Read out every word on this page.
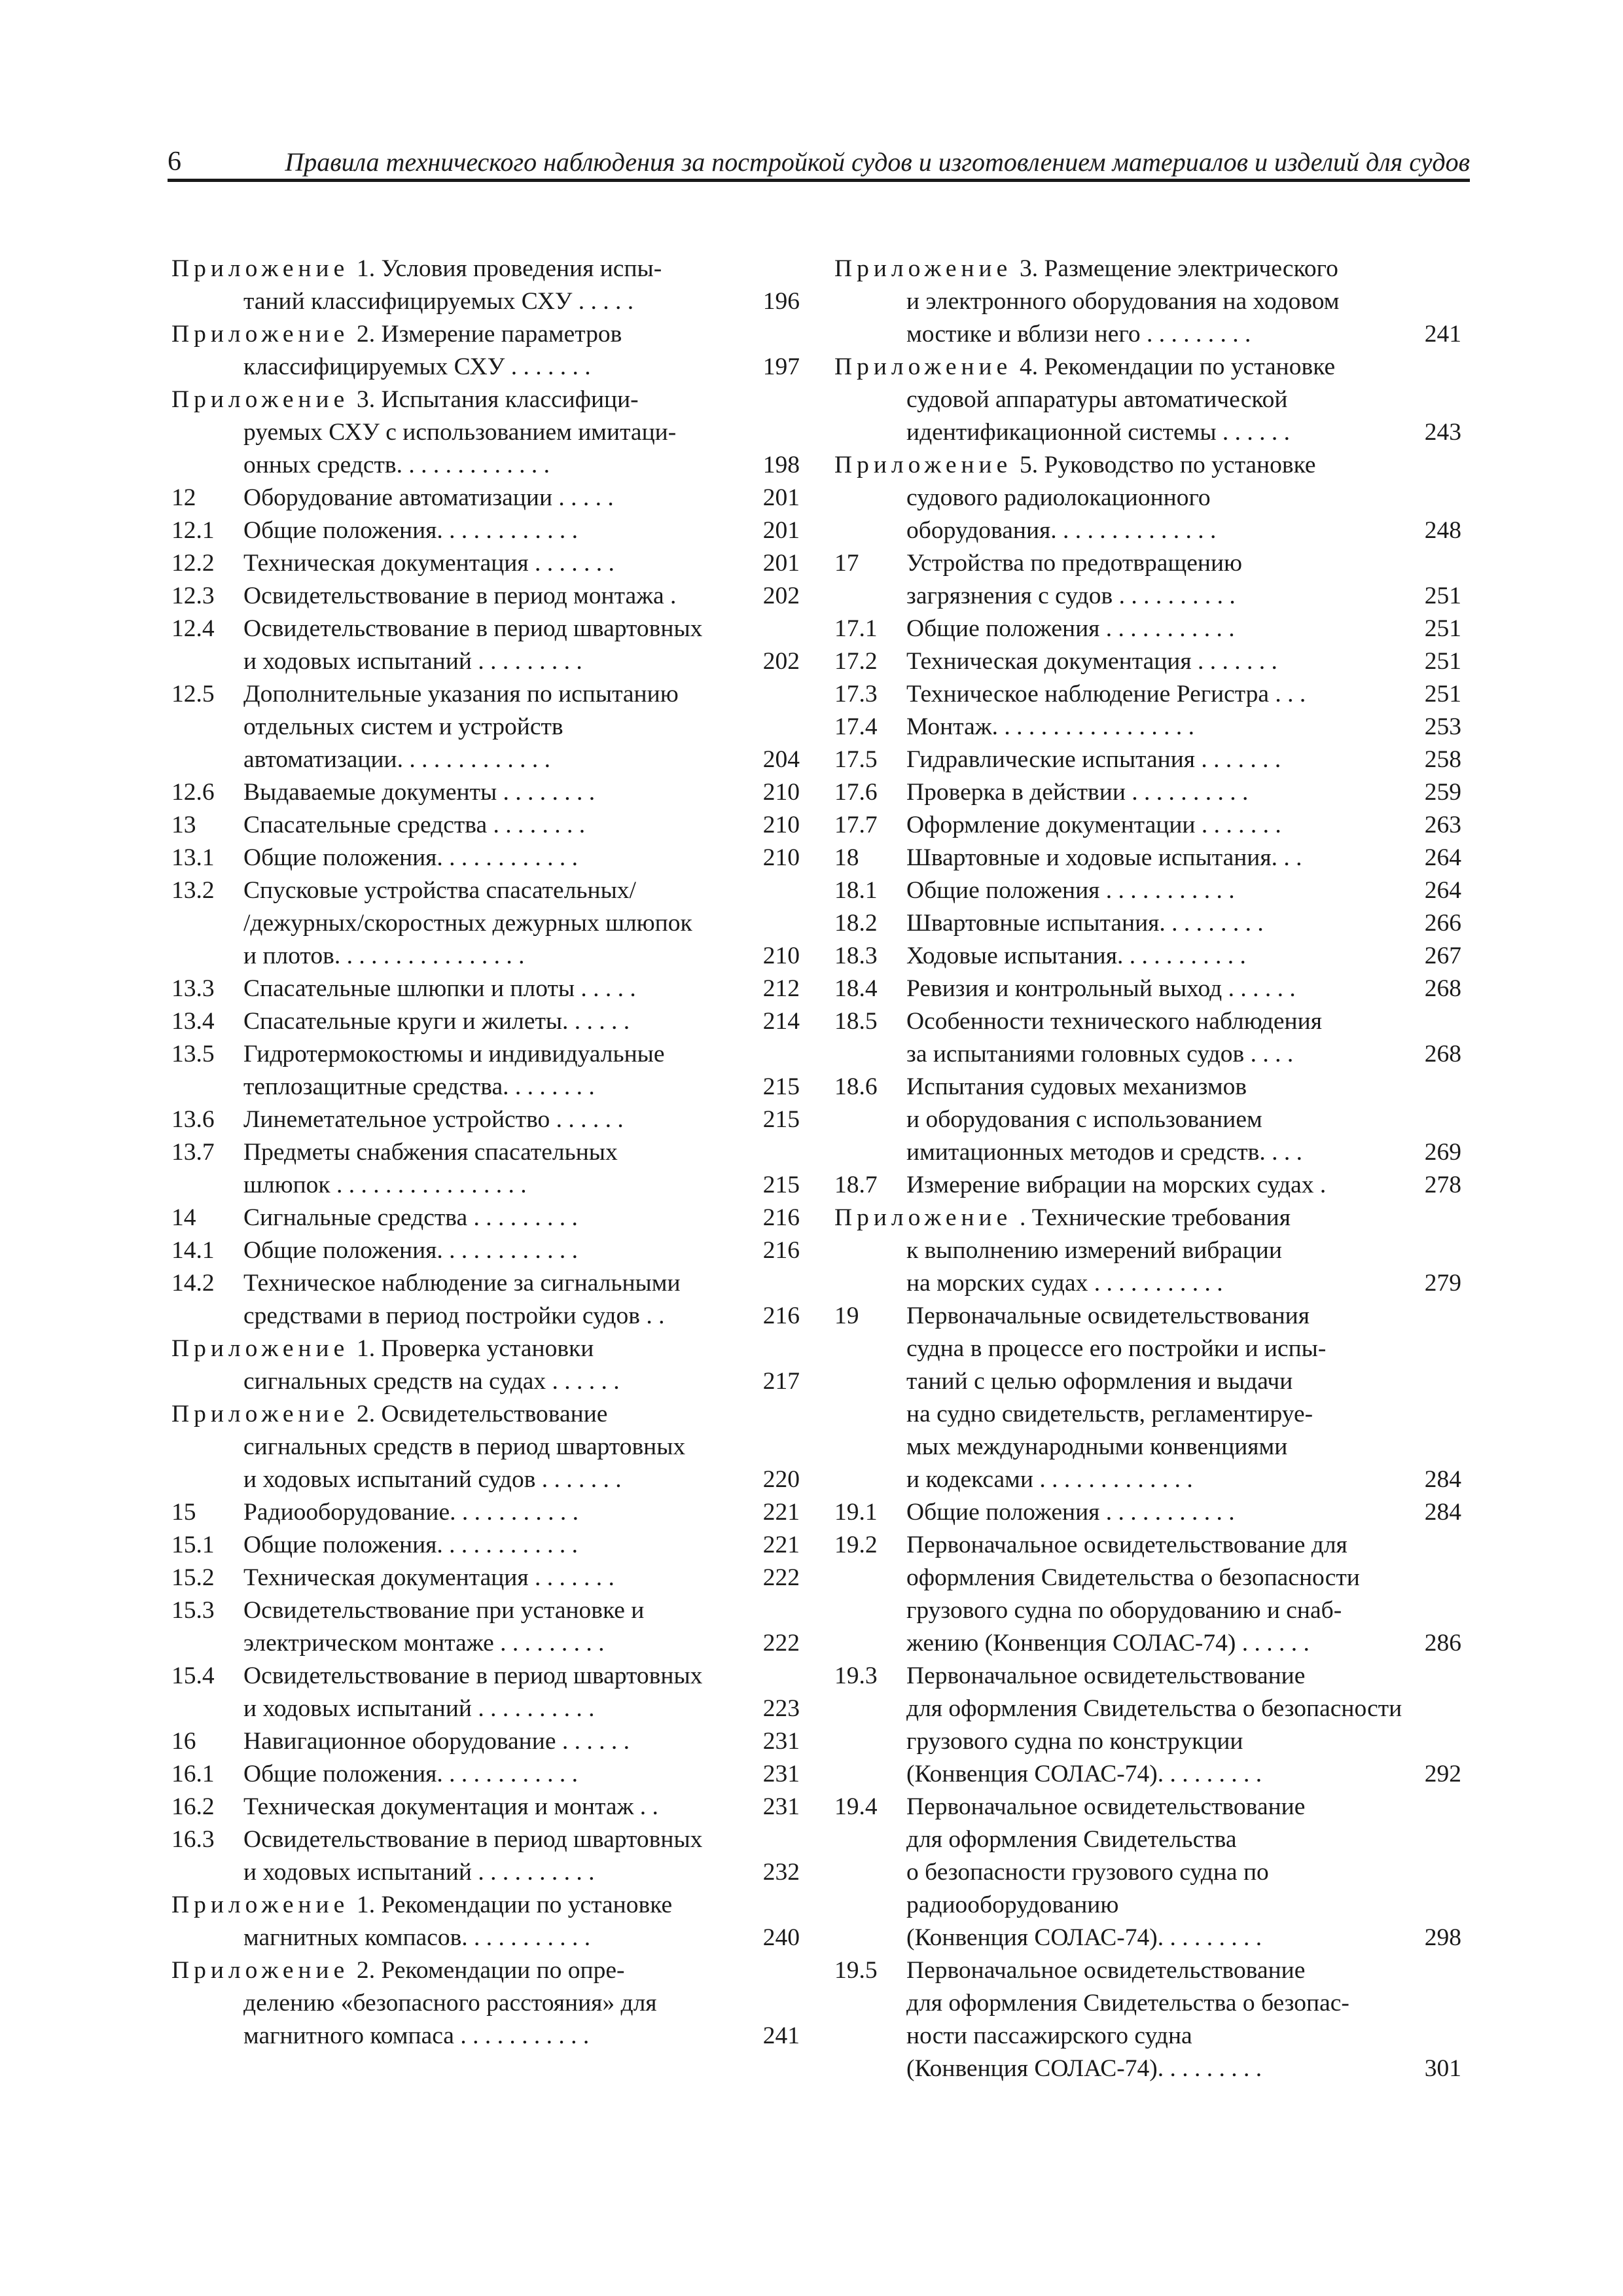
6	Правила технического наблюдения за постройкой судов и изготовлением материалов и изделий для судов
Приложение 1. Условия проведения испы-
таний классифицируемых СХУ . . . . .	196
Приложение 2. Измерение параметров
классифицируемых СХУ . . . . . . .	197
Приложение 3. Испытания классифици-
руемых СХУ с использованием имитаци-
онных средств. . . . . . . . . . . . .	198
12 Оборудование автоматизации . . . . .	201
12.1 Общие положения. . . . . . . . . . . .	201
12.2 Техническая документация . . . . . . .	201
12.3 Освидетельствование в период монтажа .	202
12.4 Освидетельствование в период швартовных
и ходовых испытаний . . . . . . . . .	202
12.5 Дополнительные указания по испытанию
отдельных систем и устройств
автоматизации. . . . . . . . . . . . .	204
12.6 Выдаваемые документы . . . . . . . .	210
13 Спасательные средства . . . . . . . .	210
13.1 Общие положения. . . . . . . . . . . .	210
13.2 Спусковые устройства спасательных/
/дежурных/скоростных дежурных шлюпок
и плотов. . . . . . . . . . . . . . . .	210
13.3 Спасательные шлюпки и плоты . . . . .	212
13.4 Спасательные круги и жилеты. . . . . .	214
13.5 Гидротермокостюмы и индивидуальные
теплозащитные средства. . . . . . . .	215
13.6 Линеметательное устройство . . . . . .	215
13.7 Предметы снабжения спасательных
шлюпок . . . . . . . . . . . . . . . .	215
14 Сигнальные средства . . . . . . . . .	216
14.1 Общие положения. . . . . . . . . . . .	216
14.2 Техническое наблюдение за сигнальными
средствами в период постройки судов . .	216
Приложение 1. Проверка установки
сигнальных средств на судах . . . . . .	217
Приложение 2. Освидетельствование
сигнальных средств в период швартовных
и ходовых испытаний судов . . . . . . .	220
15 Радиооборудование. . . . . . . . . . .	221
15.1 Общие положения. . . . . . . . . . . .	221
15.2 Техническая документация . . . . . . .	222
15.3 Освидетельствование при установке и
электрическом монтаже . . . . . . . . .	222
15.4 Освидетельствование в период швартовных
и ходовых испытаний . . . . . . . . . .	223
16 Навигационное оборудование . . . . . .	231
16.1 Общие положения. . . . . . . . . . . .	231
16.2 Техническая документация и монтаж . .	231
16.3 Освидетельствование в период швартовных
и ходовых испытаний . . . . . . . . . .	232
Приложение 1. Рекомендации по установке
магнитных компасов. . . . . . . . . . .	240
Приложение 2. Рекомендации по опре-
делению «безопасного расстояния» для
магнитного компаса . . . . . . . . . . .	241
Приложение 3. Размещение электрического
и электронного оборудования на ходовом
мостике и вблизи него . . . . . . . . .	241
Приложение 4. Рекомендации по установке
судовой аппаратуры автоматической
идентификационной системы . . . . . .	243
Приложение 5. Руководство по установке
судового радиолокационного
оборудования. . . . . . . . . . . . . .	248
17 Устройства по предотвращению
загрязнения с судов . . . . . . . . . .	251
17.1 Общие положения . . . . . . . . . . .	251
17.2 Техническая документация . . . . . . .	251
17.3 Техническое наблюдение Регистра . . .	251
17.4 Монтаж. . . . . . . . . . . . . . . . .	253
17.5 Гидравлические испытания . . . . . . .	258
17.6 Проверка в действии . . . . . . . . . .	259
17.7 Оформление документации . . . . . . .	263
18 Швартовные и ходовые испытания. . .	264
18.1 Общие положения . . . . . . . . . . .	264
18.2 Швартовные испытания. . . . . . . . .	266
18.3 Ходовые испытания. . . . . . . . . . .	267
18.4 Ревизия и контрольный выход . . . . . .	268
18.5 Особенности технического наблюдения
за испытаниями головных судов . . . .	268
18.6 Испытания судовых механизмов
и оборудования с использованием
имитационных методов и средств. . . .	269
18.7 Измерение вибрации на морских судах .	278
Приложение . Технические требования
к выполнению измерений вибрации
на морских судах . . . . . . . . . . .	279
19 Первоначальные освидетельствования
судна в процессе его постройки и испы-
таний с целью оформления и выдачи
на судно свидетельств, регламентируе-
мых международными конвенциями
и кодексами . . . . . . . . . . . . .	284
19.1 Общие положения . . . . . . . . . . .	284
19.2 Первоначальное освидетельствование для
оформления Свидетельства о безопасности
грузового судна по оборудованию и снаб-
жению (Конвенция СОЛАС-74) . . . . . .	286
19.3 Первоначальное освидетельствование
для оформления Свидетельства о безопасности
грузового судна по конструкции
(Конвенция СОЛАС-74). . . . . . . . .	292
19.4 Первоначальное освидетельствование
для оформления Свидетельства
о безопасности грузового судна по
радиооборудованию
(Конвенция СОЛАС-74). . . . . . . . .	298
19.5 Первоначальное освидетельствование
для оформления Свидетельства о безопас-
ности пассажирского судна
(Конвенция СОЛАС-74). . . . . . . . .	301
